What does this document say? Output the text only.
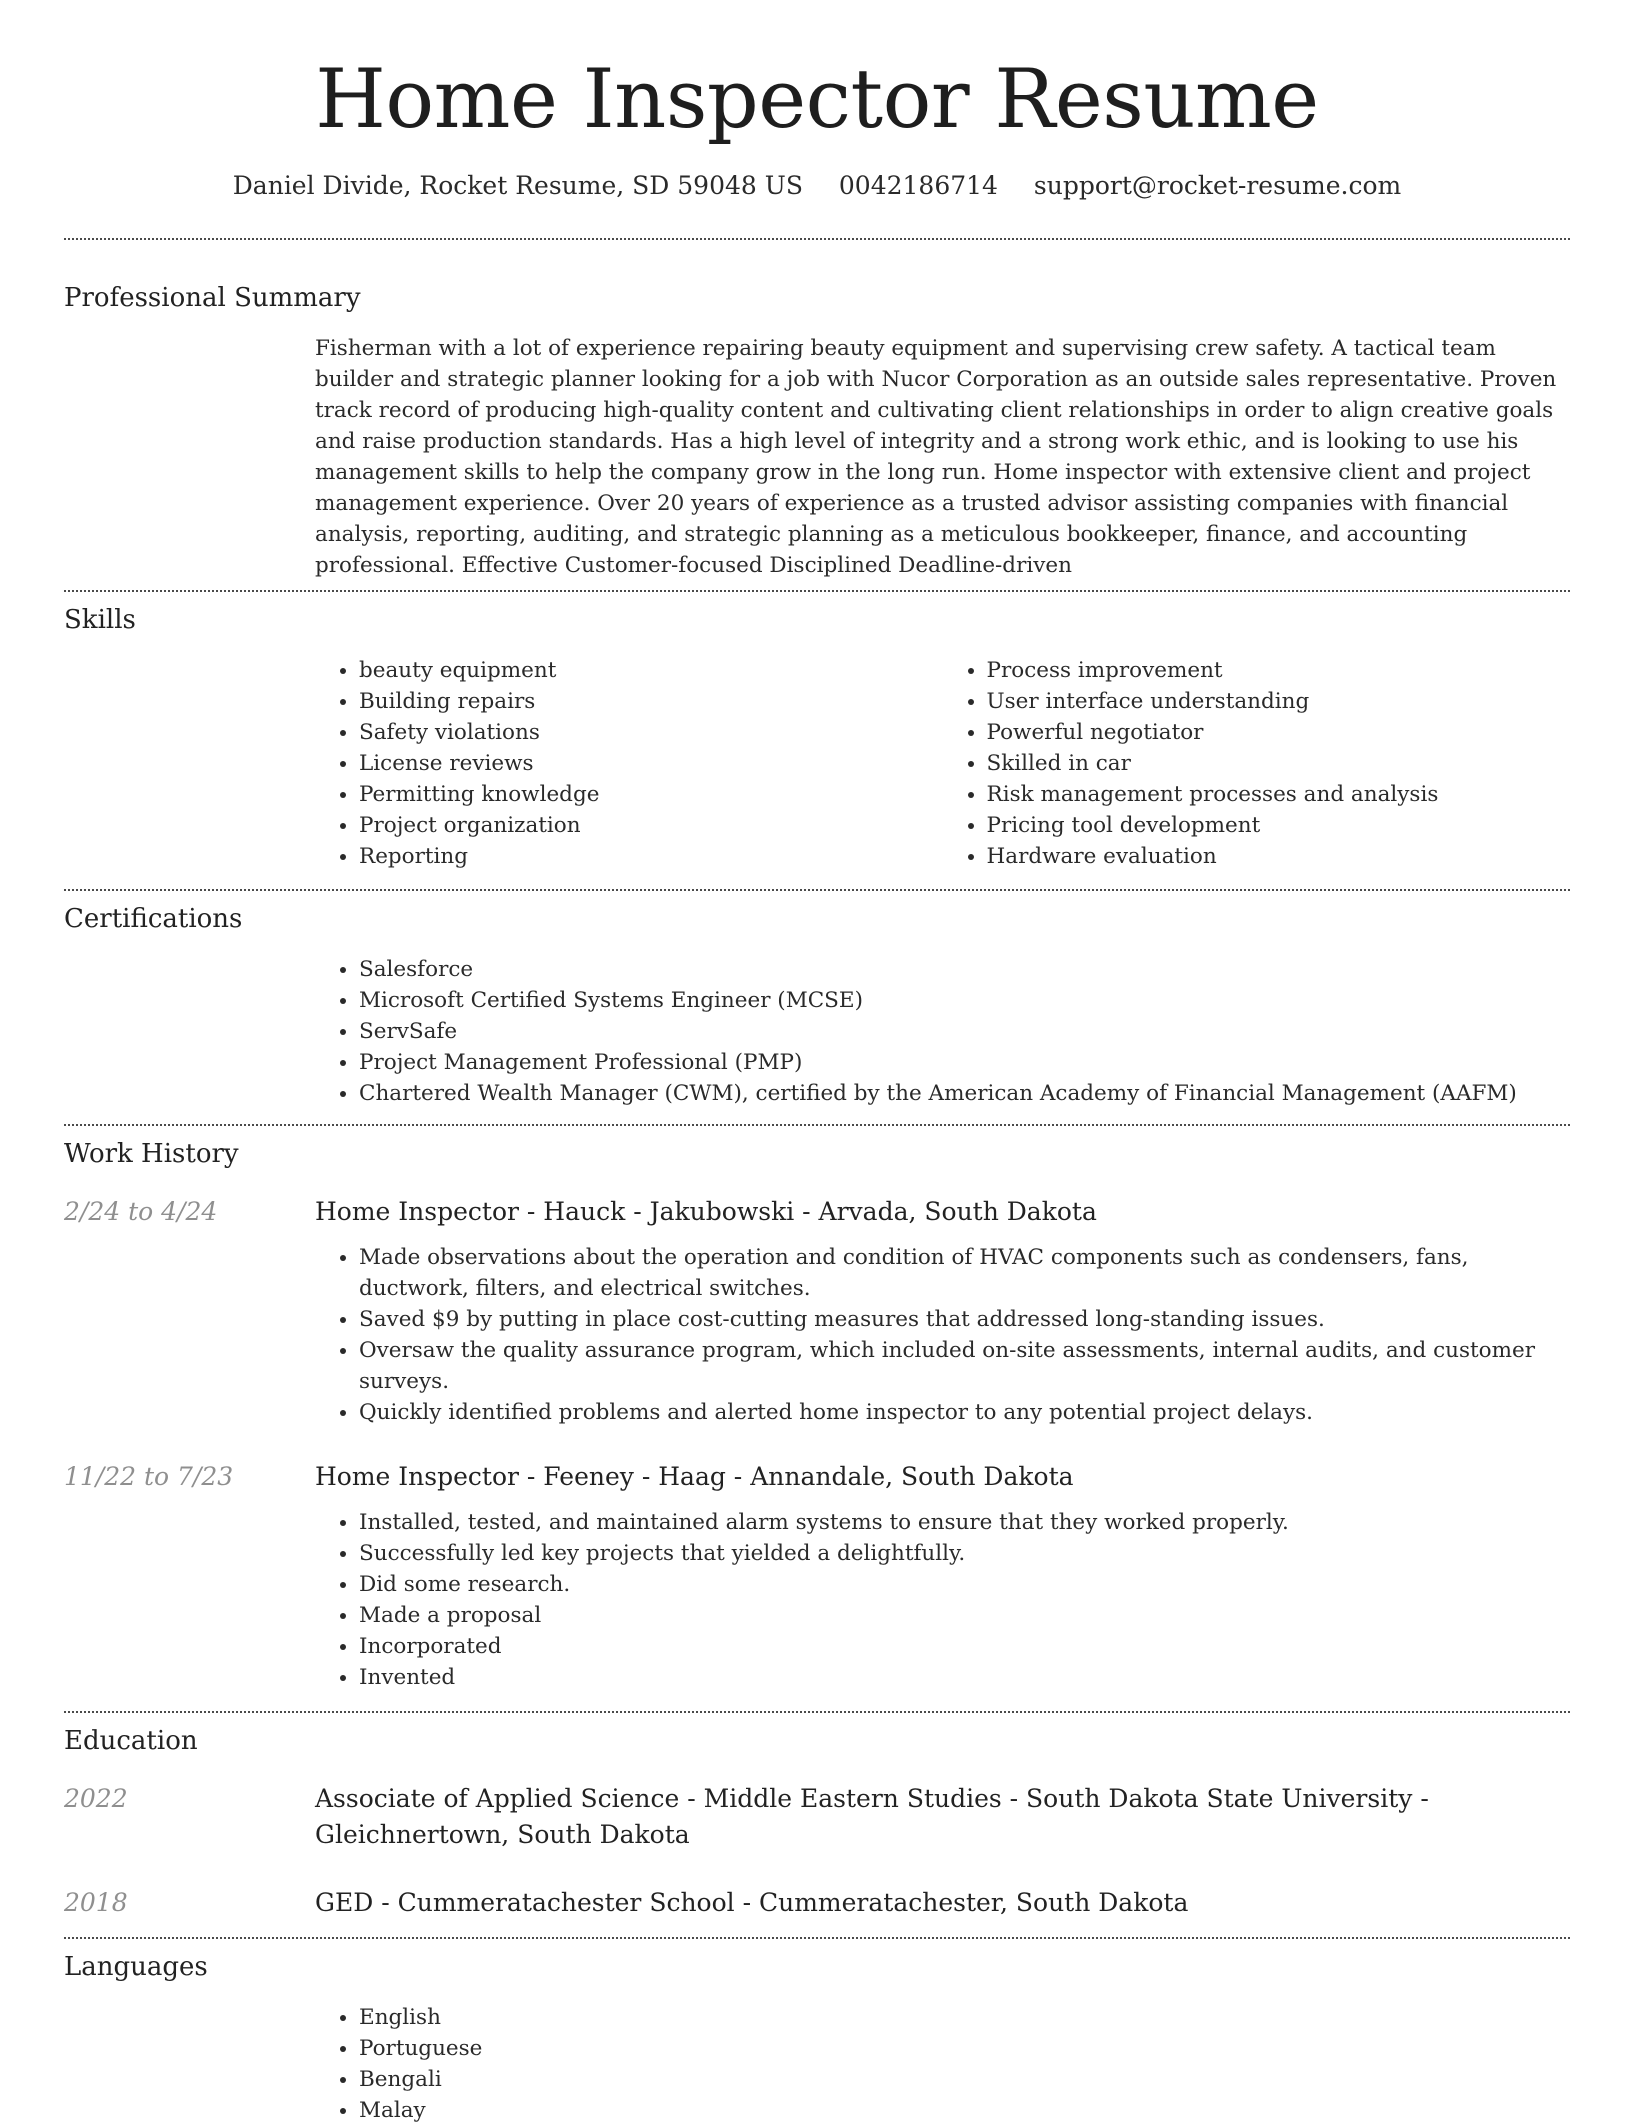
Home Inspector Resume
Daniel Divide, Rocket Resume, SD 59048 US 0042186714 support@rocket-resume.com
Professional Summary

Fisherman with a lot of experience repairing beauty equipment and supervising crew safety. A tactical team builder and strategic planner looking for a job with Nucor Corporation as an outside sales representative. Proven track record of producing high-quality content and cultivating client relationships in order to align creative goals and raise production standards. Has a high level of integrity and a strong work ethic, and is looking to use his management skills to help the company grow in the long run. Home inspector with extensive client and project management experience. Over 20 years of experience as a trusted advisor assisting companies with financial analysis, reporting, auditing, and strategic planning as a meticulous bookkeeper, finance, and accounting professional. Effective Customer-focused Disciplined Deadline-driven

Skills
• beauty equipment
• Building repairs
• Safety violations
• License reviews
• Permitting knowledge
• Project organization
• Reporting
• Process improvement
• User interface understanding
• Powerful negotiator
• Skilled in car
• Risk management processes and analysis
• Pricing tool development
• Hardware evaluation
Certifications
• Salesforce
• Microsoft Certified Systems Engineer (MCSE)
• ServSafe
• Project Management Professional (PMP)
• Chartered Wealth Manager (CWM), certified by the American Academy of Financial Management (AAFM)
Work History
2/24 to 4/24	Home Inspector - Hauck - Jakubowski - Arvada, South Dakota
• Made observations about the operation and condition of HVAC components such as condensers, fans, ductwork, filters, and electrical switches.
• Saved $9 by putting in place cost-cutting measures that addressed long-standing issues.
• Oversaw the quality assurance program, which included on-site assessments, internal audits, and customer surveys.
• Quickly identified problems and alerted home inspector to any potential project delays.
11/22 to 7/23	Home Inspector - Feeney - Haag - Annandale, South Dakota
• Installed, tested, and maintained alarm systems to ensure that they worked properly.
• Successfully led key projects that yielded a delightfully.
• Did some research.
• Made a proposal
• Incorporated
• Invented
Education
2022	Associate of Applied Science - Middle Eastern Studies - South Dakota State University - Gleichnertown, South Dakota
2018	GED - Cummeratachester School - Cummeratachester, South Dakota
Languages
• English
• Portuguese
• Bengali
• Malay
